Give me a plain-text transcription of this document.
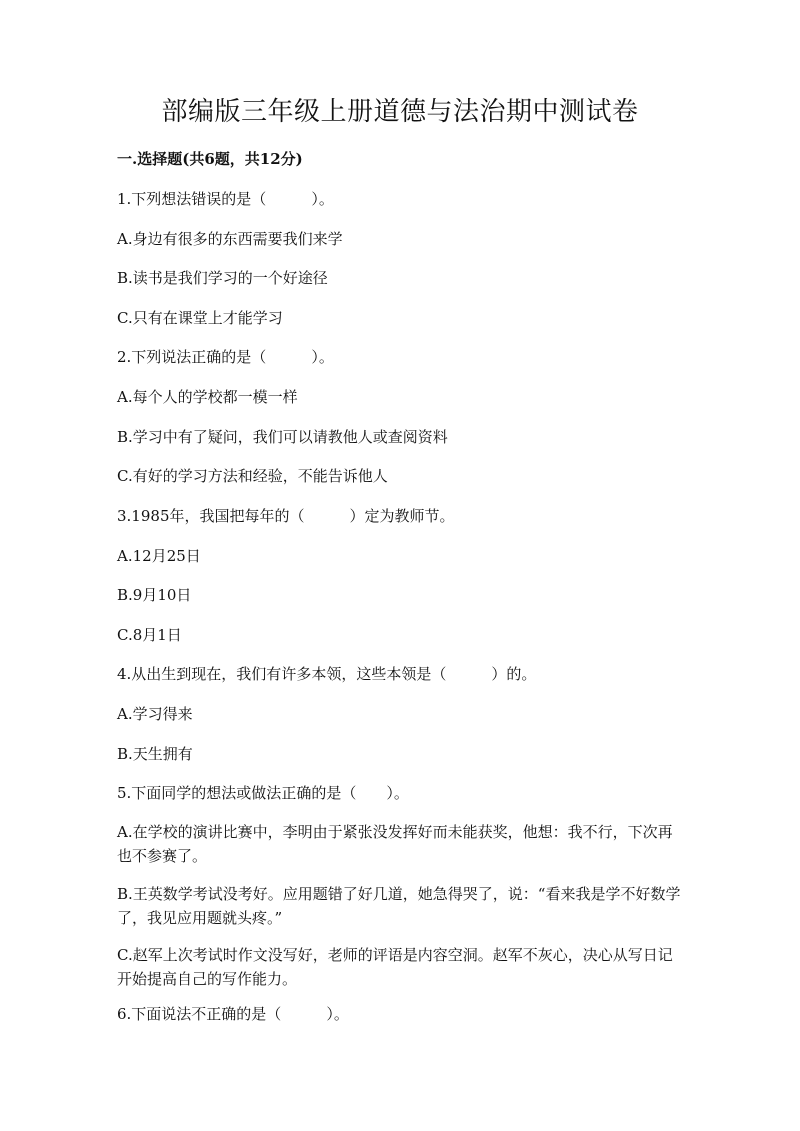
部编版三年级上册道德与法治期中测试卷
一.选择题(共6题，共12分)
1.下列想法错误的是（　　　）。
A.身边有很多的东西需要我们来学
B.读书是我们学习的一个好途径
C.只有在课堂上才能学习
2.下列说法正确的是（　　　）。
A.每个人的学校都一模一样
B.学习中有了疑问，我们可以请教他人或查阅资料
C.有好的学习方法和经验，不能告诉他人
3.1985年，我国把每年的（　　　）定为教师节。
A.12月25日
B.9月10日
C.8月1日
4.从出生到现在，我们有许多本领，这些本领是（　　　）的。
A.学习得来
B.天生拥有
5.下面同学的想法或做法正确的是（　　）。
A.在学校的演讲比赛中，李明由于紧张没发挥好而未能获奖，他想：我不行，下次再也不参赛了。
B.王英数学考试没考好。应用题错了好几道，她急得哭了，说：“看来我是学不好数学了，我见应用题就头疼。”
C.赵军上次考试时作文没写好，老师的评语是内容空洞。赵军不灰心，决心从写日记开始提高自己的写作能力。
6.下面说法不正确的是（　　　）。
